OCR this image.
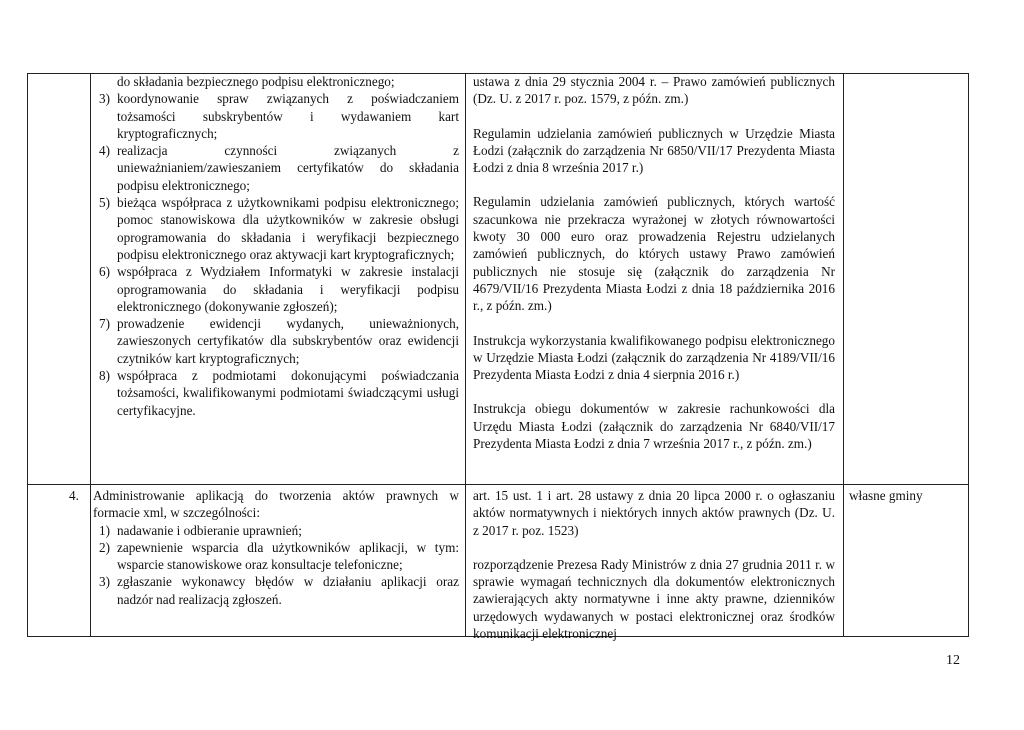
do składania bezpiecznego podpisu elektronicznego;
3) koordynowanie spraw związanych z poświadczaniem tożsamości subskrybentów i wydawaniem kart kryptograficznych;
4) realizacja czynności związanych z unieważnianiem/zawieszaniem certyfikatów do składania podpisu elektronicznego;
5) bieżąca współpraca z użytkownikami podpisu elektronicznego; pomoc stanowiskowa dla użytkowników w zakresie obsługi oprogramowania do składania i weryfikacji bezpiecznego podpisu elektronicznego oraz aktywacji kart kryptograficznych;
6) współpraca z Wydziałem Informatyki w zakresie instalacji oprogramowania do składania i weryfikacji podpisu elektronicznego (dokonywanie zgłoszeń);
7) prowadzenie ewidencji wydanych, unieważnionych, zawieszonych certyfikatów dla subskrybentów oraz ewidencji czytników kart kryptograficznych;
8) współpraca z podmiotami dokonującymi poświadczania tożsamości, kwalifikowanymi podmiotami świadczącymi usługi certyfikacyjne.
ustawa z dnia 29 stycznia 2004 r. – Prawo zamówień publicznych (Dz. U. z 2017 r. poz. 1579, z późn. zm.)
Regulamin udzielania zamówień publicznych w Urzędzie Miasta Łodzi (załącznik do zarządzenia Nr 6850/VII/17 Prezydenta Miasta Łodzi z dnia 8 września 2017 r.)
Regulamin udzielania zamówień publicznych, których wartość szacunkowa nie przekracza wyrażonej w złotych równowartości kwoty 30 000 euro oraz prowadzenia Rejestru udzielanych zamówień publicznych, do których ustawy Prawo zamówień publicznych nie stosuje się (załącznik do zarządzenia Nr 4679/VII/16 Prezydenta Miasta Łodzi z dnia 18 października 2016 r., z późn. zm.)
Instrukcja wykorzystania kwalifikowanego podpisu elektronicznego w Urzędzie Miasta Łodzi (załącznik do zarządzenia Nr 4189/VII/16 Prezydenta Miasta Łodzi z dnia 4 sierpnia 2016 r.)
Instrukcja obiegu dokumentów w zakresie rachunkowości dla Urzędu Miasta Łodzi (załącznik do zarządzenia Nr 6840/VII/17 Prezydenta Miasta Łodzi z dnia 7 września 2017 r., z późn. zm.)
4. Administrowanie aplikacją do tworzenia aktów prawnych w formacie xml, w szczególności:
1) nadawanie i odbieranie uprawnień;
2) zapewnienie wsparcia dla użytkowników aplikacji, w tym: wsparcie stanowiskowe oraz konsultacje telefoniczne;
3) zgłaszanie wykonawcy błędów w działaniu aplikacji oraz nadzór nad realizacją zgłoszeń.
art. 15 ust. 1 i art. 28 ustawy z dnia 20 lipca 2000 r. o ogłaszaniu aktów normatywnych i niektórych innych aktów prawnych (Dz. U. z 2017 r. poz. 1523)
rozporządzenie Prezesa Rady Ministrów z dnia 27 grudnia 2011 r. w sprawie wymagań technicznych dla dokumentów elektronicznych zawierających akty normatywne i inne akty prawne, dzienników urzędowych wydawanych w postaci elektronicznej oraz środków komunikacji elektronicznej
własne gminy
12
